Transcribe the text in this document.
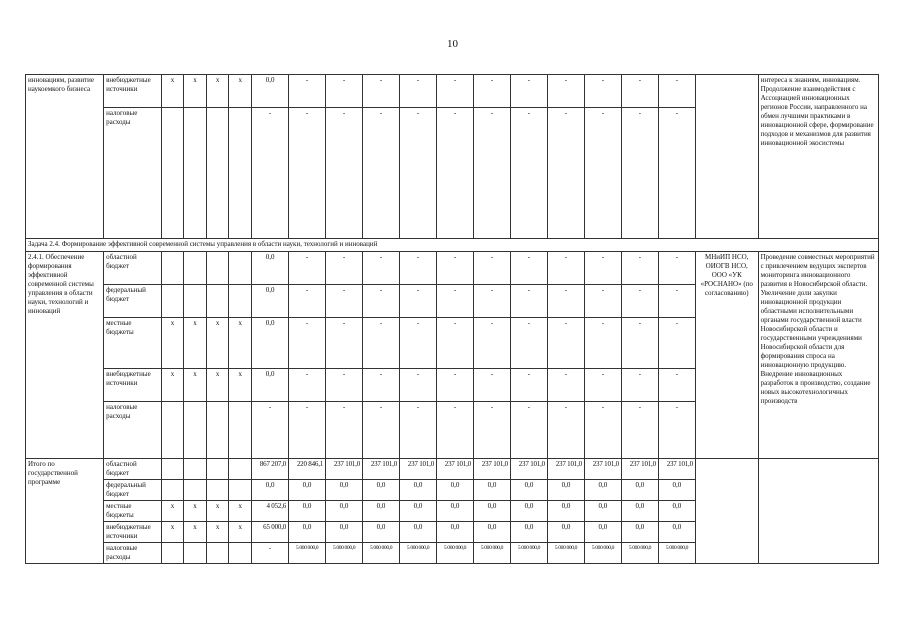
10
инновациям, развитие наукоемкого бизнеса	внебюджетные источники	x	x	x	x	0,0	-	-	-	-	-	-	-	-	-	-	-		интереса к знаниям, инновациям. Продолжение взаимодействия с Ассоциацией инновационных регионов России, направленного на обмен лучшими практиками в инновационной сфере, формирование подходов и механизмов для развития инновационной экосистемы
	налоговые расходы					-	-	-	-	-	-	-	-	-	-	-	-		
Задача 2.4. Формирование эффективной современной системы управления в области науки, технологий и инноваций																			
2.4.1. Обеспечение формирования эффективной современной системы управления в области науки, технологий и инноваций	областной бюджет					0,0	-	-	-	-	-	-	-	-	-	-	-	МНиИП НСО, ОИОГВ НСО, ООО «УК «РОСНАНО» (по согласованию)	Проведение совместных мероприятий с привлечением ведущих экспертов мониторинга инновационного развития в Новосибирской области. Увеличение доли закупки инновационной продукции областными исполнительными органами государственной власти Новосибирской области и государственными учреждениями Новосибирской области для формирования спроса на инновационную продукцию. Внедрение инновационных разработок в производство, создание новых высокотехнологичных производств
	федеральный бюджет					0,0	-	-	-	-	-	-	-	-	-	-	-		
	местные бюджеты	x	x	x	x	0,0	-	-	-	-	-	-	-	-	-	-	-		
	внебюджетные источники	x	x	x	x	0,0	-	-	-	-	-	-	-	-	-	-	-		
	налоговые расходы					-	-	-	-	-	-	-	-	-	-	-	-		
Итого по государственной программе	областной бюджет					867 207,0	220 846,1	237 101,0	237 101,0	237 101,0	237 101,0	237 101,0	237 101,0	237 101,0	237 101,0	237 101,0	237 101,0		
	федеральный бюджет					0,0	0,0	0,0	0,0	0,0	0,0	0,0	0,0	0,0	0,0	0,0	0,0		
	местные бюджеты	x	x	x	x	4 052,6	0,0	0,0	0,0	0,0	0,0	0,0	0,0	0,0	0,0	0,0	0,0		
	внебюджетные источники	x	x	x	x	65 000,0	0,0	0,0	0,0	0,0	0,0	0,0	0,0	0,0	0,0	0,0	0,0		
	налоговые расходы					-	5 000 000,0	5 000 000,0	5 000 000,0	5 000 000,0	5 000 000,0	5 000 000,0	5 000 000,0	5 000 000,0	5 000 000,0	5 000 000,0	5 000 000,0		
